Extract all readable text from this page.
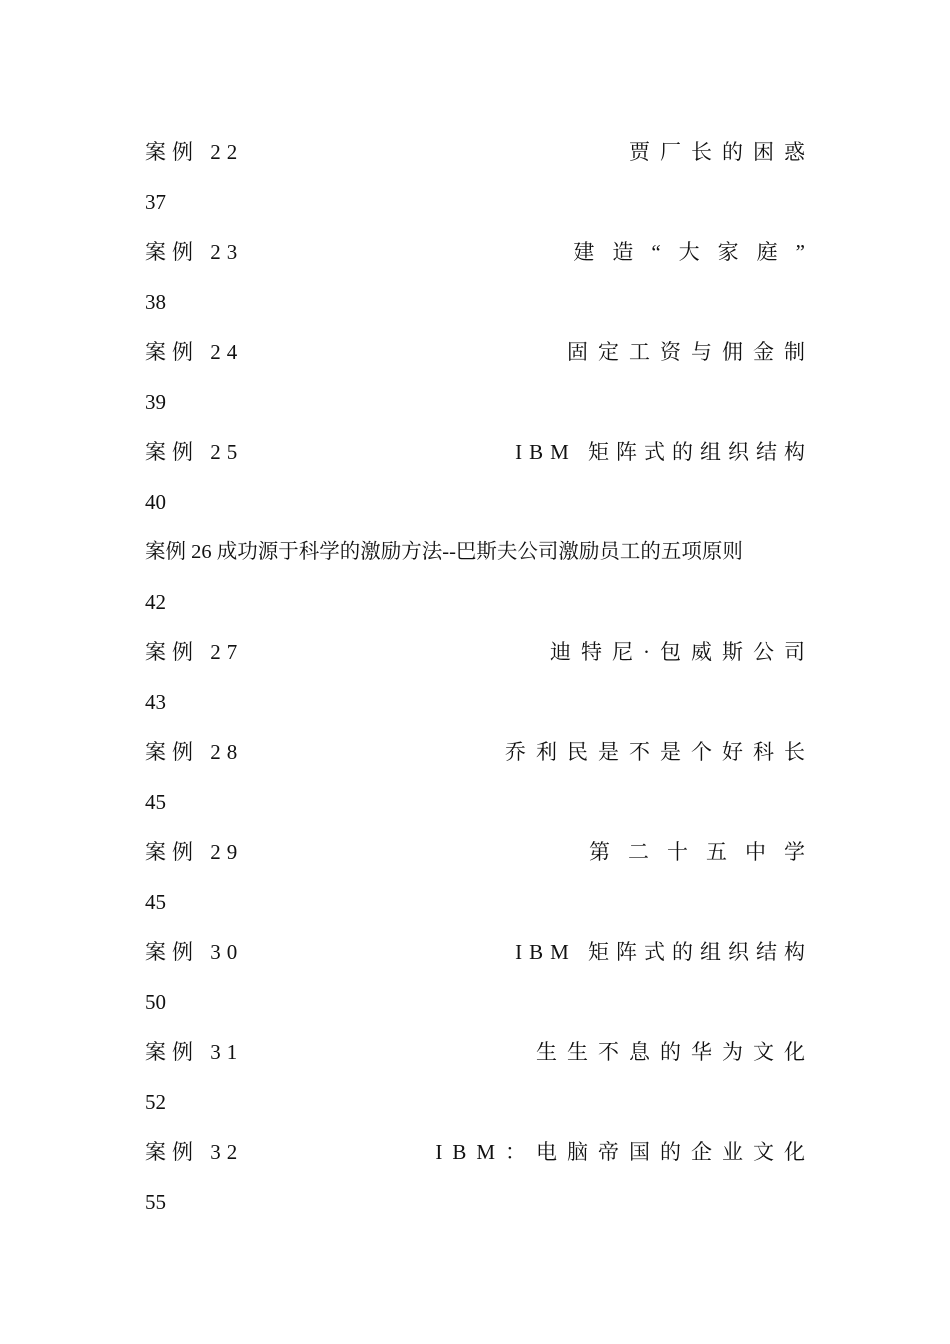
案例 22	贾厂长的困惑
37
案例 23	建造“大家庭”
38
案例 24	固定工资与佣金制
39
案例 25	IBM 矩阵式的组织结构
40
案例 26 成功源于科学的激励方法--巴斯夫公司激励员工的五项原则
42
案例 27	迪特尼·包威斯公司
43
案例 28	乔利民是不是个好科长
45
案例 29	第二十五中学
45
案例 30	IBM 矩阵式的组织结构
50
案例 31	生生不息的华为文化
52
案例 32	IBM：电脑帝国的企业文化
55
